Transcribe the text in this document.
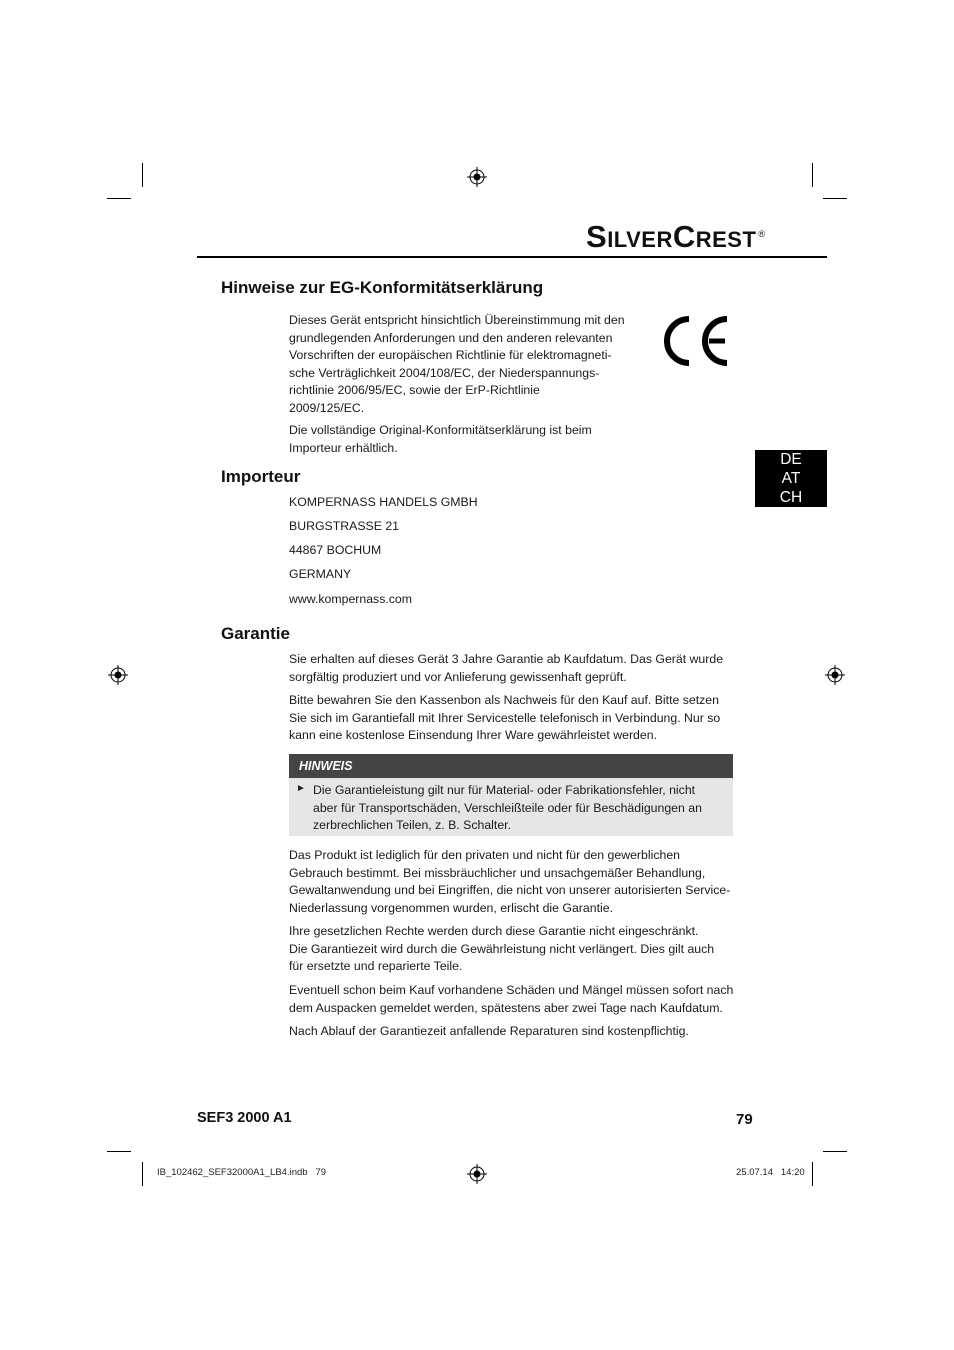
SILVERCREST ®
DE
AT
CH
Hinweise zur EG-Konformitätserklärung
Dieses Gerät entspricht hinsichtlich Übereinstimmung mit den
grundlegenden Anforderungen und den anderen relevanten
Vorschriften der europäischen Richtlinie für elektromagneti-
sche Verträglichkeit 2004/108/EC, der Niederspannungs-
richtlinie 2006/95/EC, sowie der ErP-Richtlinie
2009/125/EC.
Die vollständige Original-Konformitätserklärung ist beim
Importeur erhältlich.
Importeur
KOMPERNASS HANDELS GMBH
BURGSTRASSE 21
44867 BOCHUM
GERMANY
www.kompernass.com
Garantie
Sie erhalten auf dieses Gerät 3 Jahre Garantie ab Kaufdatum. Das Gerät wurde
sorgfältig produziert und vor Anlieferung gewissenhaft geprüft.
Bitte bewahren Sie den Kassenbon als Nachweis für den Kauf auf. Bitte setzen
Sie sich im Garantiefall mit Ihrer Servicestelle telefonisch in Verbindung. Nur so
kann eine kostenlose Einsendung Ihrer Ware gewährleistet werden.
HINWEIS
► Die Garantieleistung gilt nur für Material- oder Fabrikationsfehler, nicht
aber für Transportschäden, Verschleißteile oder für Beschädigungen an
zerbrechlichen Teilen, z. B. Schalter.
Das Produkt ist lediglich für den privaten und nicht für den gewerblichen
Gebrauch bestimmt. Bei missbräuchlicher und unsachgemäßer Behandlung,
Gewaltanwendung und bei Eingriffen, die nicht von unserer autorisierten Service-
Niederlassung vorgenommen wurden, erlischt die Garantie.
Ihre gesetzlichen Rechte werden durch diese Garantie nicht eingeschränkt.
Die Garantiezeit wird durch die Gewährleistung nicht verlängert. Dies gilt auch
für ersetzte und reparierte Teile.
Eventuell schon beim Kauf vorhandene Schäden und Mängel müssen sofort nach
dem Auspacken gemeldet werden, spätestens aber zwei Tage nach Kaufdatum.
Nach Ablauf der Garantiezeit anfallende Reparaturen sind kostenpflichtig.
SEF3 2000 A1	79
IB_102462_SEF32000A1_LB4.indb   79	25.07.14   14:20
